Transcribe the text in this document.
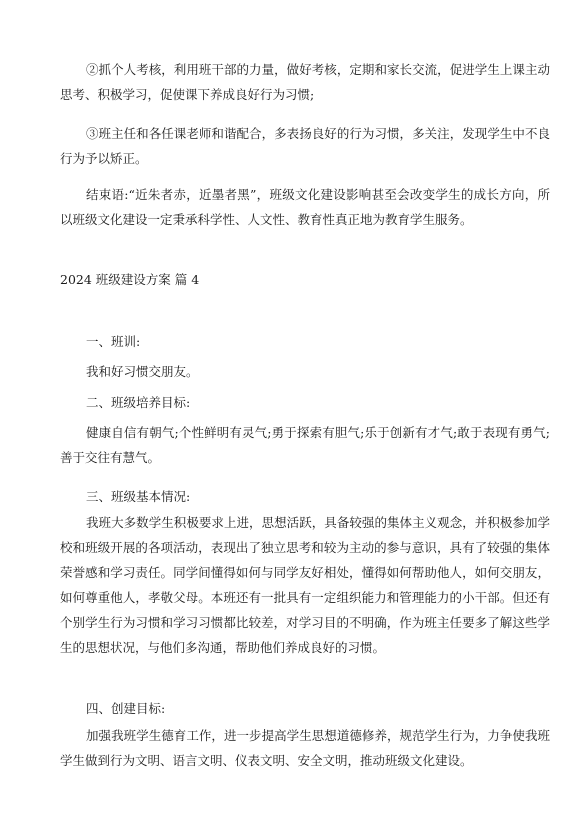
②抓个人考核，利用班干部的力量，做好考核，定期和家长交流，促进学生上课主动思考、积极学习，促使课下养成良好行为习惯;

③班主任和各任课老师和谐配合，多表扬良好的行为习惯，多关注，发现学生中不良行为予以矫正。

结束语:“近朱者赤，近墨者黑”，班级文化建设影响甚至会改变学生的成长方向，所以班级文化建设一定秉承科学性、人文性、教育性真正地为教育学生服务。

2024 班级建设方案 篇 4

一、班训:

我和好习惯交朋友。

二、班级培养目标:

健康自信有朝气;个性鲜明有灵气;勇于探索有胆气;乐于创新有才气;敢于表现有勇气;善于交往有慧气。

三、班级基本情况:

我班大多数学生积极要求上进，思想活跃，具备较强的集体主义观念，并积极参加学校和班级开展的各项活动，表现出了独立思考和较为主动的参与意识，具有了较强的集体荣誉感和学习责任。同学间懂得如何与同学友好相处，懂得如何帮助他人，如何交朋友，如何尊重他人，孝敬父母。本班还有一批具有一定组织能力和管理能力的小干部。但还有个别学生行为习惯和学习习惯都比较差，对学习目的不明确，作为班主任要多了解这些学生的思想状况，与他们多沟通，帮助他们养成良好的习惯。

四、创建目标:

加强我班学生德育工作，进一步提高学生思想道德修养，规范学生行为，力争使我班学生做到行为文明、语言文明、仪表文明、安全文明，推动班级文化建设。
